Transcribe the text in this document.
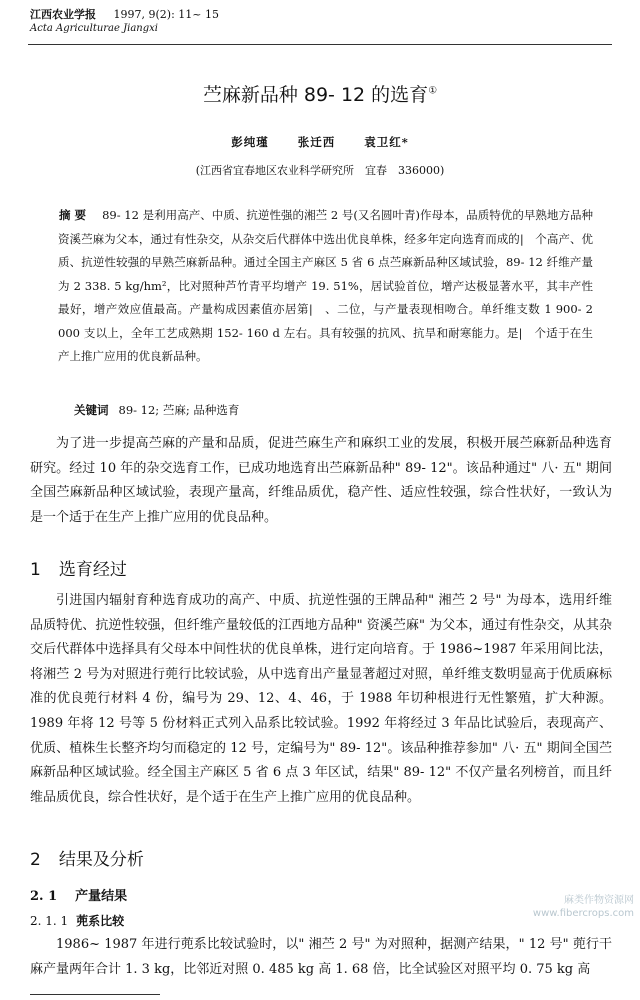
江西农业学报 1997, 9(2): 11~ 15
Acta Agriculturae Jiangxi
苎麻新品种 89- 12 的选育①
彭纯瑾	张迁西	袁卫红*
(江西省宜春地区农业科学研究所　宜春　336000)
摘要 89- 12 是利用高产、中质、抗逆性强的湘苎 2 号(又名圆叶青)作母本，品质特优的早熟地方品种资溪苎麻为父本，通过有性杂交，从杂交后代群体中选出优良单株，经多年定向选育而成的|　个高产、优质、抗逆性较强的早熟苎麻新品种。通过全国主产麻区 5 省 6 点苎麻新品种区域试验，89- 12 纤维产量为 2 338. 5 kg/hm²，比对照种芦竹青平均增产 19. 51%，居试验首位，增产达极显著水平，其丰产性最好，增产效应值最高。产量构成因素值亦居第|　、二位，与产量表现相吻合。单纤维支数 1 900- 2 000 支以上，全年工艺成熟期 152- 160 d 左右。具有较强的抗风、抗旱和耐寒能力。是|　个适于在生产上推广应用的优良新品种。
关键词 89- 12; 苎麻; 品种选育
为了进一步提高苎麻的产量和品质，促进苎麻生产和麻织工业的发展，积极开展苎麻新品种选育研究。经过 10 年的杂交选育工作，已成功地选育出苎麻新品种" 89- 12"。该品种通过" 八· 五" 期间全国苎麻新品种区域试验，表现产量高，纤维品质优，稳产性、适应性较强，综合性状好，一致认为是一个适于在生产上推广应用的优良品种。
1 选育经过
引进国内辐射育种选育成功的高产、中质、抗逆性强的王牌品种" 湘苎 2 号" 为母本，选用纤维品质特优、抗逆性较强，但纤维产量较低的江西地方品种" 资溪苎麻" 为父本，通过有性杂交，从其杂交后代群体中选择具有父母本中间性状的优良单株，进行定向培育。于 1986~1987 年采用间比法，将湘苎 2 号为对照进行蔸行比较试验，从中选育出产量显著超过对照，单纤维支数明显高于优质麻标准的优良蔸行材料 4 份，编号为 29、12、4、46，于 1988 年切种根进行无性繁殖，扩大种源。1989 年将 12 号等 5 份材料正式列入品系比较试验。1992 年将经过 3 年品比试验后，表现高产、优质、植株生长整齐均匀而稳定的 12 号，定编号为" 89- 12"。该品种推荐参加" 八· 五" 期间全国苎麻新品种区域试验。经全国主产麻区 5 省 6 点 3 年区试，结果" 89- 12" 不仅产量名列榜首，而且纤维品质优良，综合性状好，是个适于在生产上推广应用的优良品种。
2 结果及分析
2. 1 产量结果
2. 1. 1 蔸系比较
1986~ 1987 年进行蔸系比较试验时，以" 湘苎 2 号" 为对照种，据测产结果，" 12 号" 蔸行干麻产量两年合计 1. 3 kg，比邻近对照 0. 485 kg 高 1. 68 倍，比全试验区对照平均 0. 75 kg 高
麻类作物资源网
www.fibercrops.com
